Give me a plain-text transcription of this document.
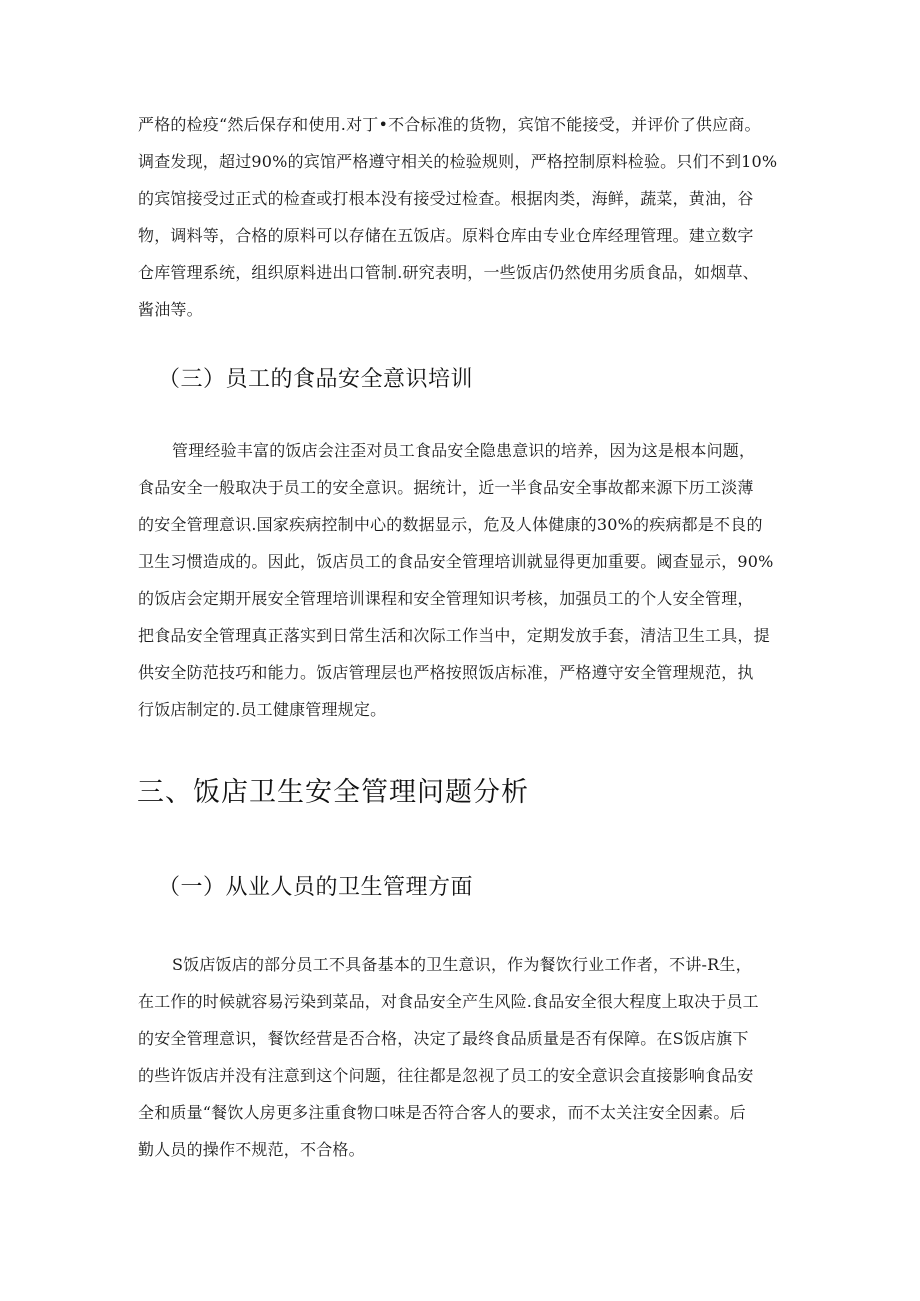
严格的检疫“然后保存和使用.对丁•不合标准的货物，宾馆不能接受，并评价了供应商。
调查发现，超过90%的宾馆严格遵守相关的检验规则，严格控制原料检验。只们不到10%
的宾馆接受过正式的检查或打根本没有接受过检查。根据肉类，海鲜，蔬菜，黄油，谷
物，调料等，合格的原料可以存储在五饭店。原料仓库由专业仓库经理管理。建立数字
仓库管理系统，组织原料进出口管制.研究表明，一些饭店仍然使用劣质食品，如烟草、
酱油等。

（三）员工的食品安全意识培训

管理经验丰富的饭店会注歪对员工食品安全隐患意识的培养，因为这是根本问题，
食品安全一般取决于员工的安全意识。据统计，近一半食品安全事故都来源下历工淡薄
的安全管理意识.国家疾病控制中心的数据显示，危及人体健康的30%的疾病都是不良的
卫生习惯造成的。因此，饭店员工的食品安全管理培训就显得更加重要。阈查显示，90%
的饭店会定期开展安全管理培训课程和安全管理知识考核，加强员工的个人安全管理，
把食品安全管理真正落实到日常生活和次际工作当中，定期发放手套，清洁卫生工具，提
供安全防范技巧和能力。饭店管理层也严格按照饭店标准，严格遵守安全管理规范，执
行饭店制定的.员工健康管理规定。

三、饭店卫生安全管理问题分析
（一）从业人员的卫生管理方面

S饭店饭店的部分员工不具备基本的卫生意识，作为餐饮行业工作者，不讲-R生，
在工作的时候就容易污染到菜品，对食品安全产生风险.食品安全很大程度上取决于员工
的安全管理意识，餐饮经营是否合格，决定了最终食品质量是否有保障。在S饭店旗下
的些许饭店并没有注意到这个问题，往往都是忽视了员工的安全意识会直接影响食品安
全和质量“餐饮人房更多注重食物口味是否符合客人的要求，而不太关注安全因素。后
勤人员的操作不规范，不合格。
